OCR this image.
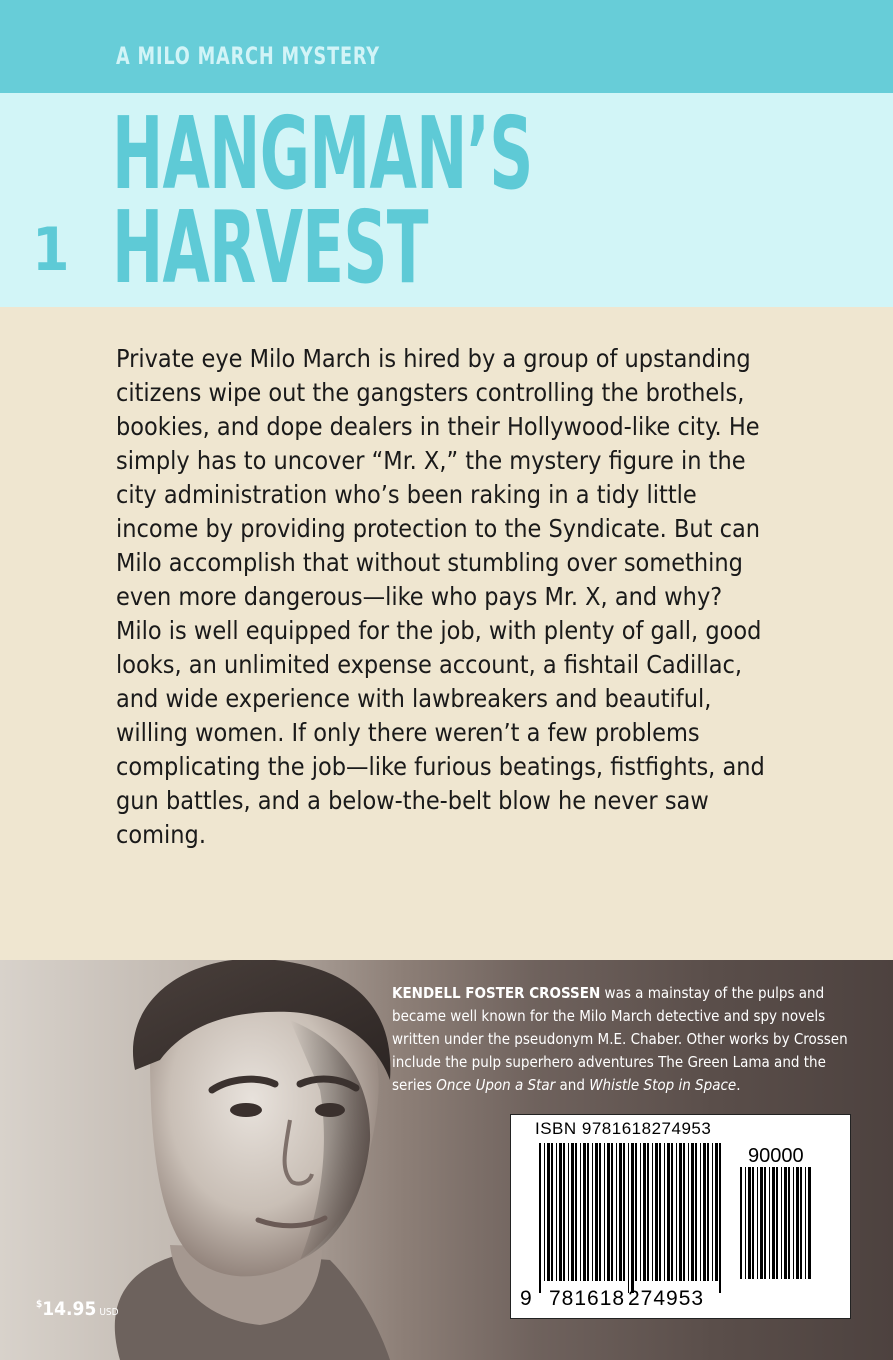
A MILO MARCH MYSTERY
1
HANGMAN’S
HARVEST

Private eye Milo March is hired by a group of upstanding citizens wipe out the gangsters controlling the brothels, bookies, and dope dealers in their Hollywood-like city. He simply has to uncover “Mr. X,” the mystery figure in the city administration who’s been raking in a tidy little income by providing protection to the Syndicate. But can Milo accomplish that without stumbling over something even more dangerous—like who pays Mr. X, and why? Milo is well equipped for the job, with plenty of gall, good looks, an unlimited expense account, a fishtail Cadillac, and wide experience with lawbreakers and beautiful, willing women. If only there weren’t a few problems complicating the job—like furious beatings, fistfights, and gun battles, and a below-the-belt blow he never saw coming.

KENDELL FOSTER CROSSEN was a mainstay of the pulps and became well known for the Milo March detective and spy novels written under the pseudonym M.E. Chaber. Other works by Crossen include the pulp superhero adventures The Green Lama and the series Once Upon a Star and Whistle Stop in Space.

ISBN 9781618274953
90000
9 781618 274953
$14.95 USD
